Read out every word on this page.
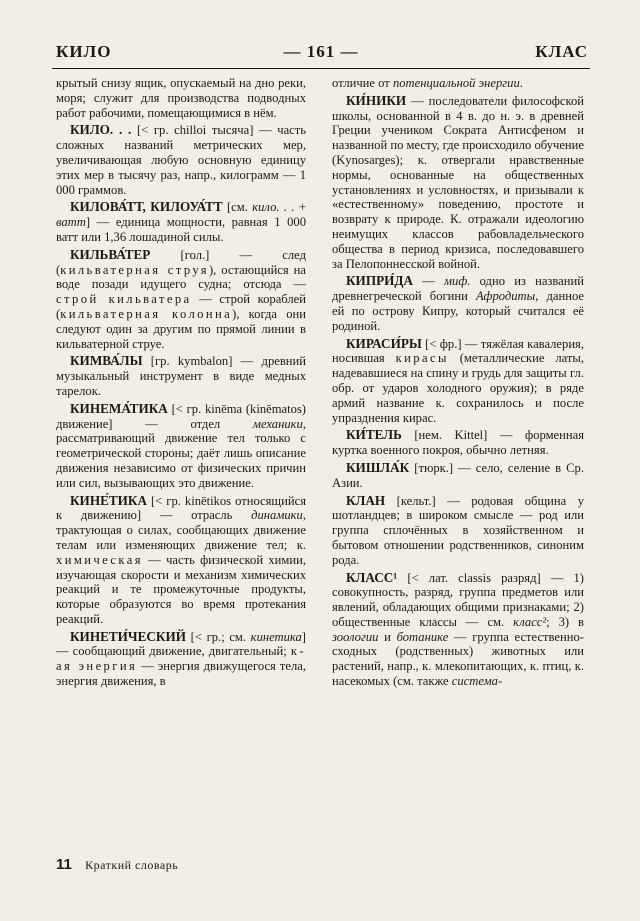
КИЛО	— 161 —	КЛАС

крытый снизу ящик, опускаемый на дно реки, моря; служит для производства подводных работ рабочими, помещающимися в нём.

КИЛО. . . [< гр. chilloi тысяча] — часть сложных названий метрических мер, увеличивающая любую основную единицу этих мер в тысячу раз, напр., килограмм — 1 000 граммов.

КИЛОВА́ТТ, КИЛОУА́ТТ [см. кило. . . + ватт] — единица мощности, равная 1 000 ватт или 1,36 лошадиной силы.

КИЛЬВА́ТЕР [гол.] — след (кильватерная струя), остающийся на воде позади идущего судна; отсюда — строй кильватера — строй кораблей (кильватерная колонна), когда они следуют один за другим по прямой линии в кильватерной струе.

КИМВА́ЛЫ [гр. kymbalon] — древний музыкальный инструмент в виде медных тарелок.

КИНЕМА́ТИКА [< гр. kinēma (kinēmatos) движение] — отдел механики, рассматривающий движение тел только с геометрической стороны; даёт лишь описание движения независимо от физических причин или сил, вызывающих это движение.

КИНЕ́ТИКА [< гр. kinētikos относящийся к движению] — отрасль динамики, трактующая о силах, сообщающих движение телам или изменяющих движение тел; к. химическая — часть физической химии, изучающая скорости и механизм химических реакций и те промежуточные продукты, которые образуются во время протекания реакций.

КИНЕТИ́ЧЕСКИЙ [< гр.; см. кинетика] — сообщающий движение, двигательный; к-ая энергия — энергия движущегося тела, энергия движения, в

отличие от потенциальной энергии.

КИ́НИКИ — последователи философской школы, основанной в 4 в. до н. э. в древней Греции учеником Сократа Антисфеном и названной по месту, где происходило обучение (Kynosarges); к. отвергали нравственные нормы, основанные на общественных установлениях и условностях, и призывали к «естественному» поведению, простоте и возврату к природе. К. отражали идеологию неимущих классов рабовладельческого общества в период кризиса, последовавшего за Пелопоннесской войной.

КИПРИ́ДА — миф. одно из названий древнегреческой богини Афродиты, данное ей по острову Кипру, который считался её родиной.

КИРАСИ́РЫ [< фр.] — тяжёлая кавалерия, носившая кирасы (металлические латы, надевавшиеся на спину и грудь для защиты гл. обр. от ударов холодного оружия); в ряде армий название к. сохранилось и после упразднения кирас.

КИ́ТЕЛЬ [нем. Kittel] — форменная куртка военного покроя, обычно летняя.

КИШЛА́К [тюрк.] — село, селение в Ср. Азии.

КЛАН [кельт.] — родовая община у шотландцев; в широком смысле — род или группа сплочённых в хозяйственном и бытовом отношении родственников, синоним рода.

КЛАСС¹ [< лат. classis разряд] — 1) совокупность, разряд, группа предметов или явлений, обладающих общими признаками; 2) общественные классы — см. класс²; 3) в зоологии и ботанике — группа естественно-сходных (родственных) животных или растений, напр., к. млекопитающих, к. птиц, к. насекомых (см. также система-

11 Краткий словарь
